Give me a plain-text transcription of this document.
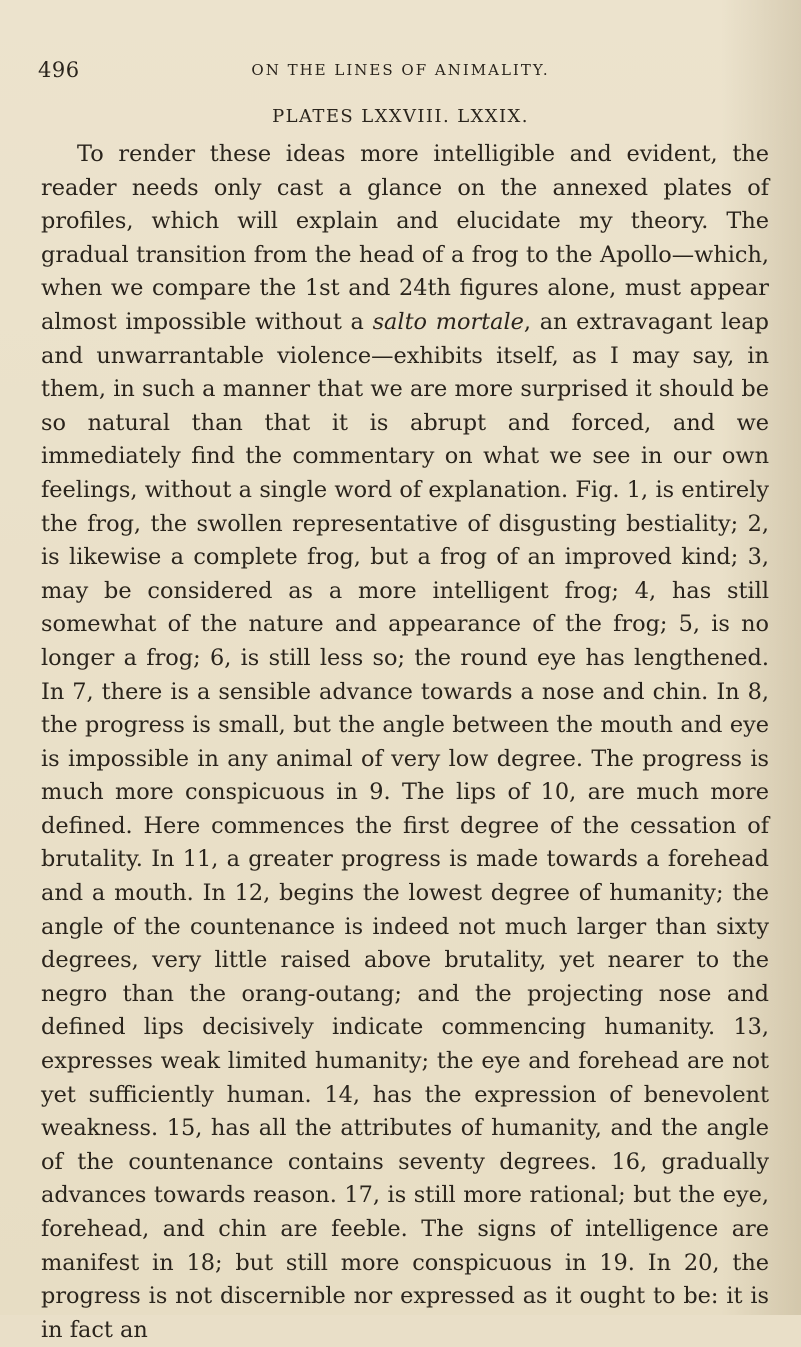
496	ON THE LINES OF ANIMALITY.
PLATES LXXVIII. LXXIX.

To render these ideas more intelligible and evident, the reader needs only cast a glance on the annexed plates of profiles, which will explain and elucidate my theory. The gradual transition from the head of a frog to the Apollo—which, when we compare the 1st and 24th figures alone, must appear almost impossible without a salto mortale, an extravagant leap and unwarrantable violence—exhibits itself, as I may say, in them, in such a manner that we are more surprised it should be so natural than that it is abrupt and forced, and we immediately find the commentary on what we see in our own feelings, without a single word of explanation. Fig. 1, is entirely the frog, the swollen representative of disgusting bestiality; 2, is likewise a complete frog, but a frog of an improved kind; 3, may be considered as a more intelligent frog; 4, has still somewhat of the nature and appearance of the frog; 5, is no longer a frog; 6, is still less so; the round eye has lengthened. In 7, there is a sensible advance towards a nose and chin. In 8, the progress is small, but the angle between the mouth and eye is impossible in any animal of very low degree. The progress is much more conspicuous in 9. The lips of 10, are much more defined. Here commences the first degree of the cessation of brutality. In 11, a greater progress is made towards a forehead and a mouth. In 12, begins the lowest degree of humanity; the angle of the countenance is indeed not much larger than sixty degrees, very little raised above brutality, yet nearer to the negro than the orang-outang; and the projecting nose and defined lips decisively indicate commencing humanity. 13, expresses weak limited humanity; the eye and forehead are not yet sufficiently human. 14, has the expression of benevolent weakness. 15, has all the attributes of humanity, and the angle of the countenance contains seventy degrees. 16, gradually advances towards reason. 17, is still more rational; but the eye, forehead, and chin are feeble. The signs of intelligence are manifest in 18; but still more conspicuous in 19. In 20, the progress is not discernible nor expressed as it ought to be: it is in fact an
